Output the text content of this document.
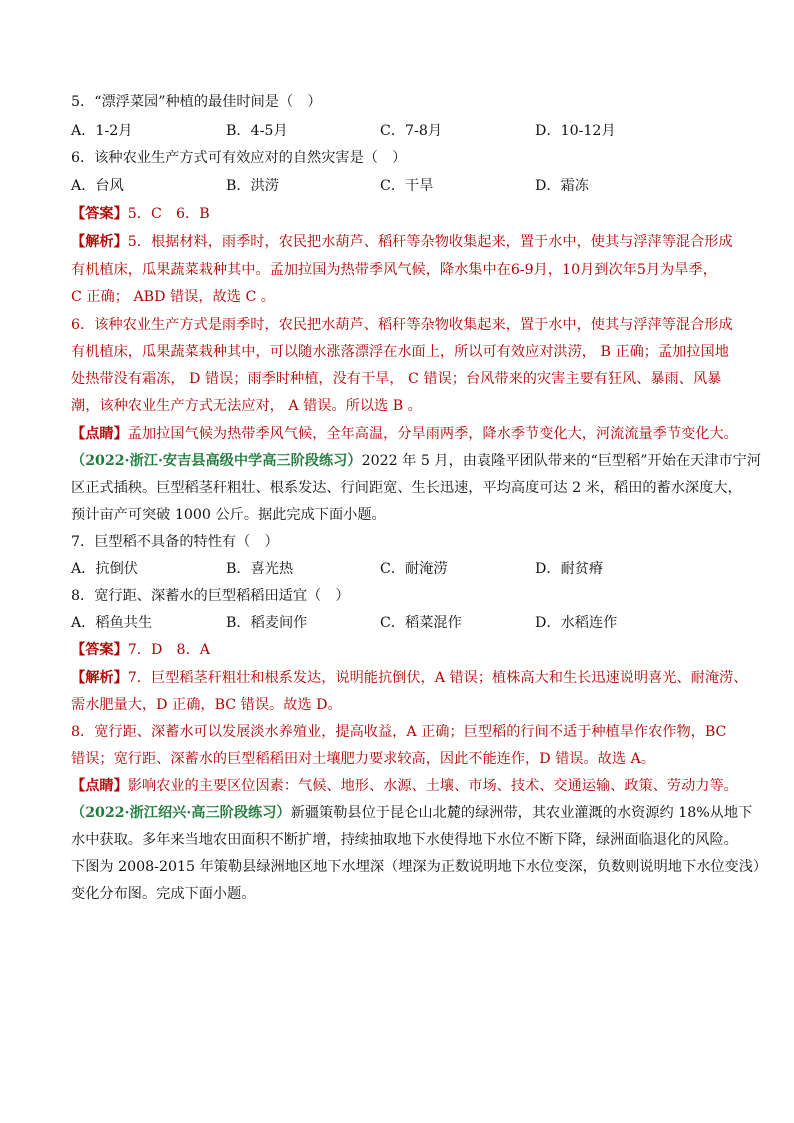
5．“漂浮菜园”种植的最佳时间是（　）
A．1-2月	B．4-5月	C．7-8月	D．10-12月
6．该种农业生产方式可有效应对的自然灾害是（　）
A．台风	B．洪涝	C．干旱	D．霜冻
【答案】5．C　6．B
【解析】5．根据材料，雨季时，农民把水葫芦、稻秆等杂物收集起来，置于水中，使其与浮萍等混合形成
有机植床，瓜果蔬菜栽种其中。孟加拉国为热带季风气候，降水集中在6-9月，10月到次年5月为旱季，
C 正确； ABD 错误，故选 C 。
6．该种农业生产方式是雨季时，农民把水葫芦、稻秆等杂物收集起来，置于水中，使其与浮萍等混合形成
有机植床，瓜果蔬菜栽种其中，可以随水涨落漂浮在水面上，所以可有效应对洪涝， B 正确；孟加拉国地
处热带没有霜冻， D 错误；雨季时种植，没有干旱， C 错误；台风带来的灾害主要有狂风、暴雨、风暴
潮，该种农业生产方式无法应对， A 错误。所以选 B 。
【点睛】孟加拉国气候为热带季风气候，全年高温，分旱雨两季，降水季节变化大，河流流量季节变化大。
（2022·浙江·安吉县高级中学高三阶段练习）2022 年 5 月，由袁隆平团队带来的“巨型稻”开始在天津市宁河
区正式插秧。巨型稻茎秆粗壮、根系发达、行间距宽、生长迅速，平均高度可达 2 米，稻田的蓄水深度大，
预计亩产可突破 1000 公斤。据此完成下面小题。
7．巨型稻不具备的特性有（　）
A．抗倒伏	B．喜光热	C．耐淹涝	D．耐贫瘠
8．宽行距、深蓄水的巨型稻稻田适宜（　）
A．稻鱼共生	B．稻麦间作	C．稻菜混作	D．水稻连作
【答案】7．D　8．A
【解析】7．巨型稻茎秆粗壮和根系发达，说明能抗倒伏，A 错误；植株高大和生长迅速说明喜光、耐淹涝、
需水肥量大，D 正确，BC 错误。故选 D。
8．宽行距、深蓄水可以发展淡水养殖业，提高收益，A 正确；巨型稻的行间不适于种植旱作农作物，BC
错误；宽行距、深蓄水的巨型稻稻田对土壤肥力要求较高，因此不能连作，D 错误。故选 A。
【点睛】影响农业的主要区位因素：气候、地形、水源、土壤、市场、技术、交通运输、政策、劳动力等。
（2022·浙江绍兴·高三阶段练习）新疆策勒县位于昆仑山北麓的绿洲带，其农业灌溉的水资源约 18%从地下
水中获取。多年来当地农田面积不断扩增，持续抽取地下水使得地下水位不断下降，绿洲面临退化的风险。
下图为 2008-2015 年策勒县绿洲地区地下水埋深（埋深为正数说明地下水位变深，负数则说明地下水位变浅）
变化分布图。完成下面小题。
